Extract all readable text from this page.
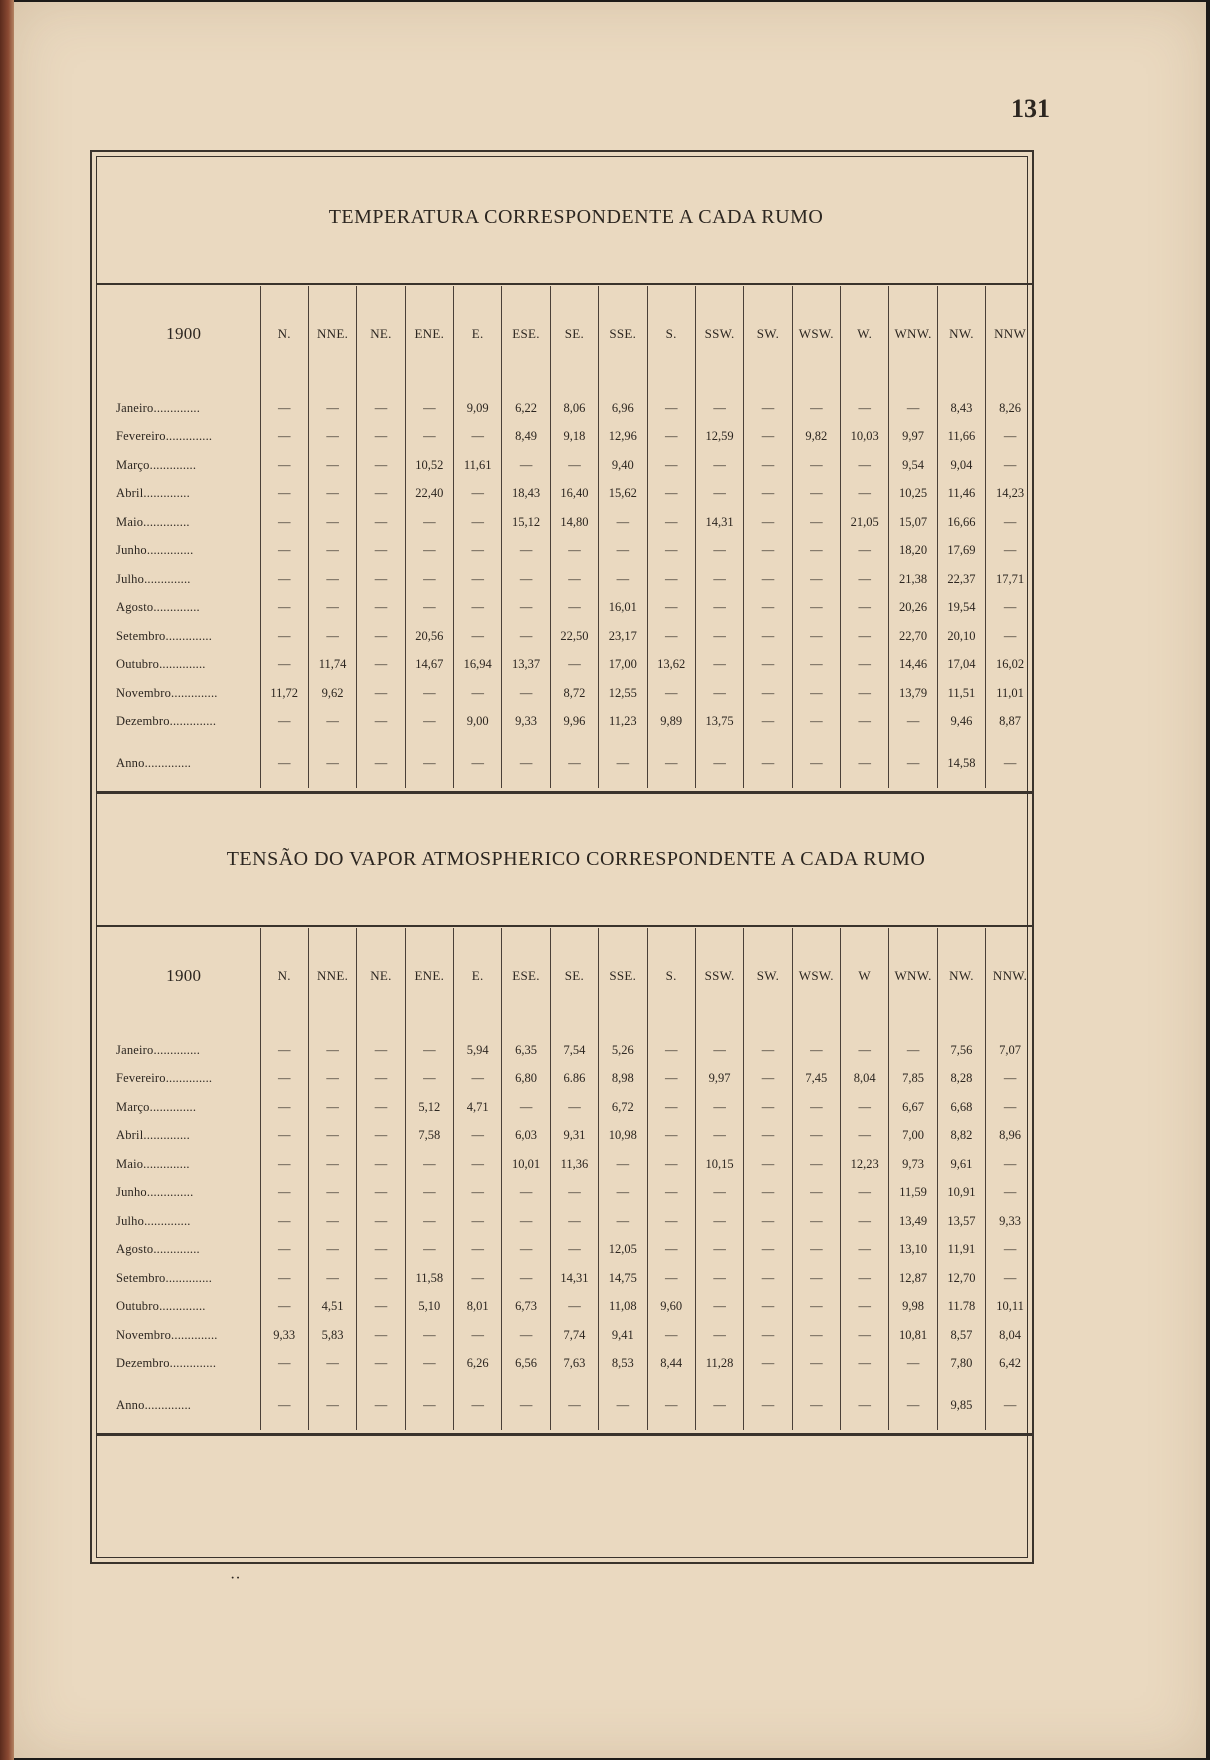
131
TEMPERATURA CORRESPONDENTE A CADA RUMO
1900	N.	NNE.	NE.	ENE.	E.	ESE.	SE.	SSE.	S.	SSW.	SW.	WSW.	W.	WNW.	NW.	NNW

Janeiro..............	—	—	—	—	9,09	6,22	8,06	6,96	—	—	—	—	—	—	8,43	8,26
Fevereiro..............	—	—	—	—	—	8,49	9,18	12,96	—	12,59	—	9,82	10,03	9,97	11,66	—
Março..............	—	—	—	10,52	11,61	—	—	9,40	—	—	—	—	—	9,54	9,04	—
Abril..............	—	—	—	22,40	—	18,43	16,40	15,62	—	—	—	—	—	10,25	11,46	14,23
Maio..............	—	—	—	—	—	15,12	14,80	—	—	14,31	—	—	21,05	15,07	16,66	—
Junho..............	—	—	—	—	—	—	—	—	—	—	—	—	—	18,20	17,69	—
Julho..............	—	—	—	—	—	—	—	—	—	—	—	—	—	21,38	22,37	17,71
Agosto..............	—	—	—	—	—	—	—	16,01	—	—	—	—	—	20,26	19,54	—
Setembro..............	—	—	—	20,56	—	—	22,50	23,17	—	—	—	—	—	22,70	20,10	—
Outubro..............	—	11,74	—	14,67	16,94	13,37	—	17,00	13,62	—	—	—	—	14,46	17,04	16,02
Novembro..............	11,72	9,62	—	—	—	—	8,72	12,55	—	—	—	—	—	13,79	11,51	11,01
Dezembro..............	—	—	—	—	9,00	9,33	9,96	11,23	9,89	13,75	—	—	—	—	9,46	8,87

Anno..............	—	—	—	—	—	—	—	—	—	—	—	—	—	—	14,58	—

TENSÃO DO VAPOR ATMOSPHERICO CORRESPONDENTE A CADA RUMO
1900	N.	NNE.	NE.	ENE.	E.	ESE.	SE.	SSE.	S.	SSW.	SW.	WSW.	W	WNW.	NW.	NNW.

Janeiro..............	—	—	—	—	5,94	6,35	7,54	5,26	—	—	—	—	—	—	7,56	7,07
Fevereiro..............	—	—	—	—	—	6,80	6.86	8,98	—	9,97	—	7,45	8,04	7,85	8,28	—
Março..............	—	—	—	5,12	4,71	—	—	6,72	—	—	—	—	—	6,67	6,68	—
Abril..............	—	—	—	7,58	—	6,03	9,31	10,98	—	—	—	—	—	7,00	8,82	8,96
Maio..............	—	—	—	—	—	10,01	11,36	—	—	10,15	—	—	12,23	9,73	9,61	—
Junho..............	—	—	—	—	—	—	—	—	—	—	—	—	—	11,59	10,91	—
Julho..............	—	—	—	—	—	—	—	—	—	—	—	—	—	13,49	13,57	9,33
Agosto..............	—	—	—	—	—	—	—	12,05	—	—	—	—	—	13,10	11,91	—
Setembro..............	—	—	—	11,58	—	—	14,31	14,75	—	—	—	—	—	12,87	12,70	—
Outubro..............	—	4,51	—	5,10	8,01	6,73	—	11,08	9,60	—	—	—	—	9,98	11.78	10,11
Novembro..............	9,33	5,83	—	—	—	—	7,74	9,41	—	—	—	—	—	10,81	8,57	8,04
Dezembro..............	—	—	—	—	6,26	6,56	7,63	8,53	8,44	11,28	—	—	—	—	7,80	6,42

Anno..............	—	—	—	—	—	—	—	—	—	—	—	—	—	—	9,85	—

··
